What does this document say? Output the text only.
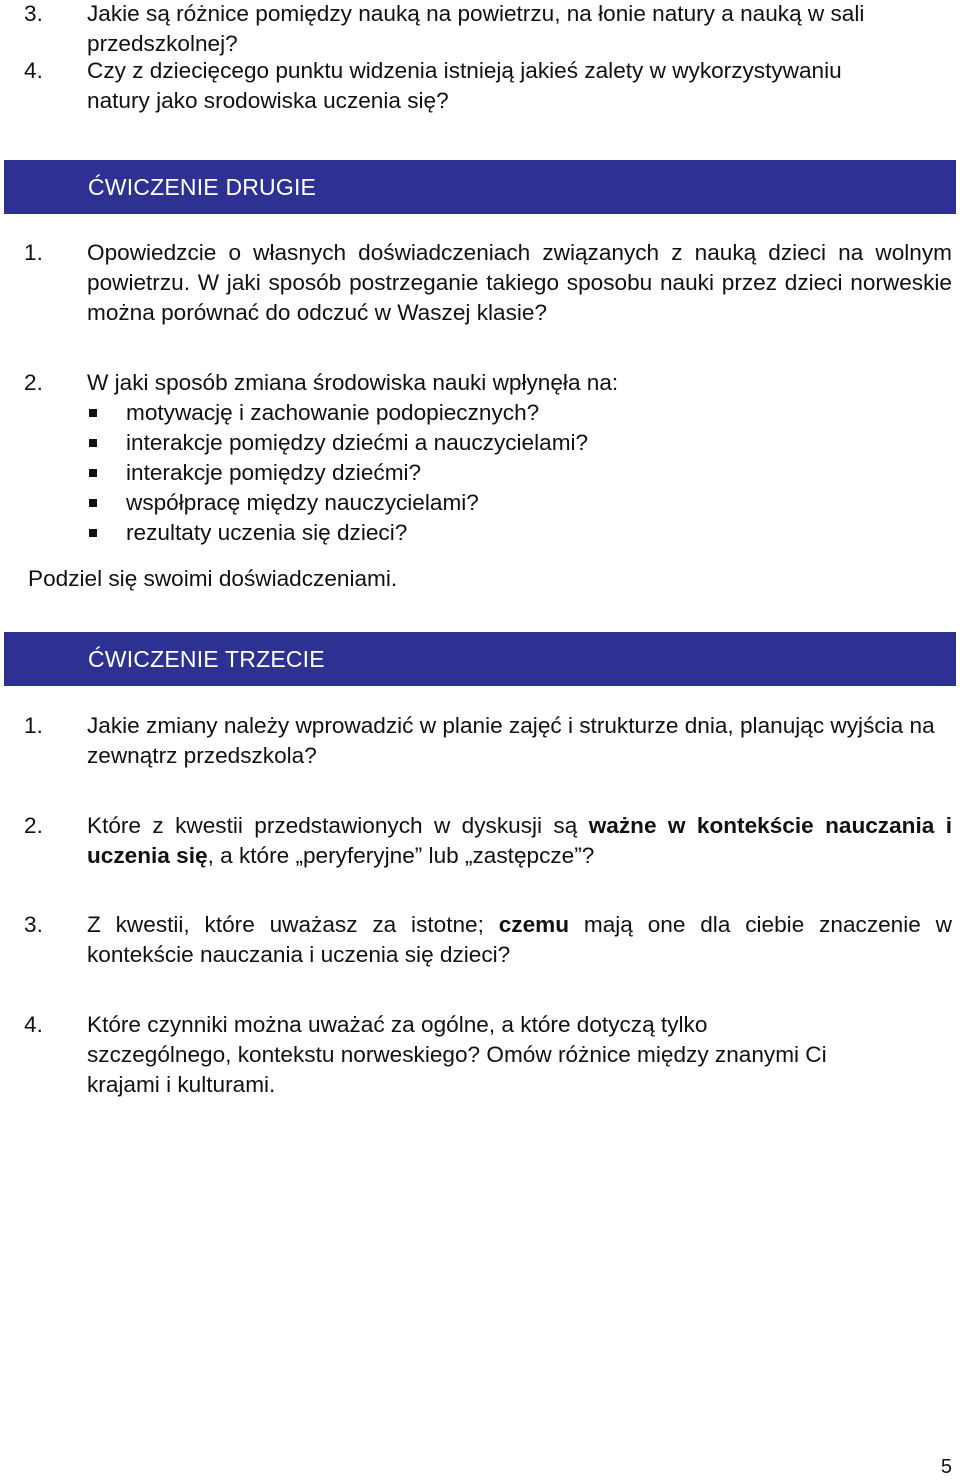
3.	Jakie są różnice pomiędzy nauką na powietrzu, na łonie natury a nauką w sali
przedszkolnej?
4.	Czy z dziecięcego punktu widzenia istnieją jakieś zalety w wykorzystywaniu
natury jako srodowiska uczenia się?
ĆWICZENIE DRUGIE
1.	Opowiedzcie o własnych doświadczeniach związanych z nauką dzieci na wolnym powietrzu. W jaki sposób postrzeganie takiego sposobu nauki przez dzieci norweskie można porównać do odczuć w Waszej klasie?
2.	W jaki sposób zmiana środowiska nauki wpłynęła na:
motywację i zachowanie podopiecznych?
interakcje pomiędzy dziećmi a nauczycielami?
interakcje pomiędzy dziećmi?
współpracę między nauczycielami?
rezultaty uczenia się dzieci?
Podziel się swoimi doświadczeniami.
ĆWICZENIE TRZECIE
1.	Jakie zmiany należy wprowadzić w planie zajęć i strukturze dnia, planując wyjścia na zewnątrz przedszkola?
2.	Które z kwestii przedstawionych w dyskusji są ważne w kontekście nauczania i uczenia się, a które „peryferyjne” lub „zastępcze”?
3.	Z kwestii, które uważasz za istotne; czemu mają one dla ciebie znaczenie w kontekście nauczania i uczenia się dzieci?
4.	Które czynniki można uważać za ogólne, a które dotyczą tylko
szczególnego, kontekstu norweskiego? Omów różnice między znanymi Ci
krajami i kulturami.
5
